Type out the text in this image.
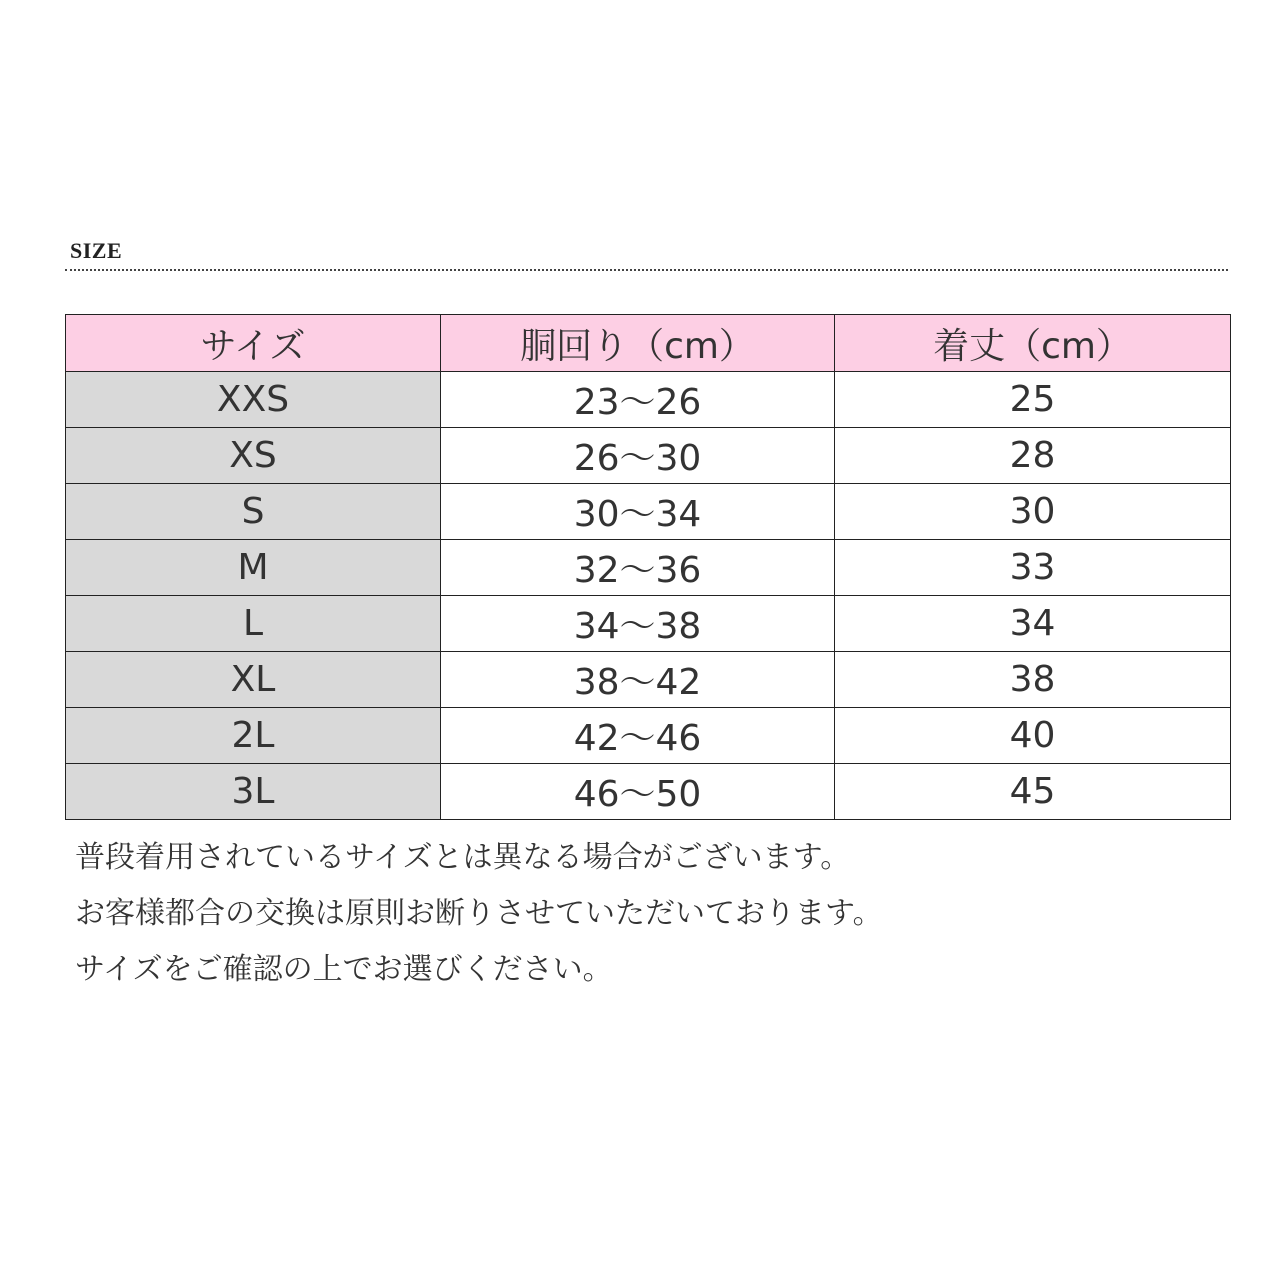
SIZE
サイズ	胴回り（cm）	着丈（cm）
XXS	23～26	25
XS	26～30	28
S	30～34	30
M	32～36	33
L	34～38	34
XL	38～42	38
2L	42～46	40
3L	46～50	45
普段着用されているサイズとは異なる場合がございます。
お客様都合の交換は原則お断りさせていただいております。
サイズをご確認の上でお選びください。
